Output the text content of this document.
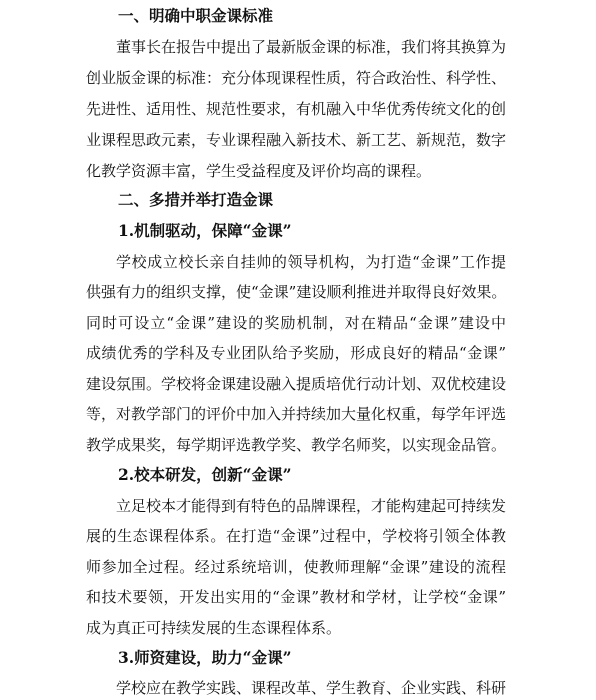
一、明确中职金课标准
董事长在报告中提出了最新版金课的标准，我们将其换算为
创业版金课的标准：充分体现课程性质，符合政治性、科学性、
先进性、适用性、规范性要求，有机融入中华优秀传统文化的创
业课程思政元素，专业课程融入新技术、新工艺、新规范，数字
化教学资源丰富，学生受益程度及评价均高的课程。
二、多措并举打造金课
1.机制驱动，保障“金课”
学校成立校长亲自挂帅的领导机构，为打造“金课”工作提
供强有力的组织支撑，使“金课”建设顺利推进并取得良好效果。
同时可设立“金课”建设的奖励机制，对在精品“金课”建设中
成绩优秀的学科及专业团队给予奖励，形成良好的精品“金课”
建设氛围。学校将金课建设融入提质培优行动计划、双优校建设
等，对教学部门的评价中加入并持续加大量化权重，每学年评选
教学成果奖，每学期评选教学奖、教学名师奖，以实现金品管。
2.校本研发，创新“金课”
立足校本才能得到有特色的品牌课程，才能构建起可持续发
展的生态课程体系。在打造“金课”过程中，学校将引领全体教
师参加全过程。经过系统培训，使教师理解“金课”建设的流程
和技术要领，开发出实用的“金课”教材和学材，让学校“金课”
成为真正可持续发展的生态课程体系。
3.师资建设，助力“金课”
学校应在教学实践、课程改革、学生教育、企业实践、科研
